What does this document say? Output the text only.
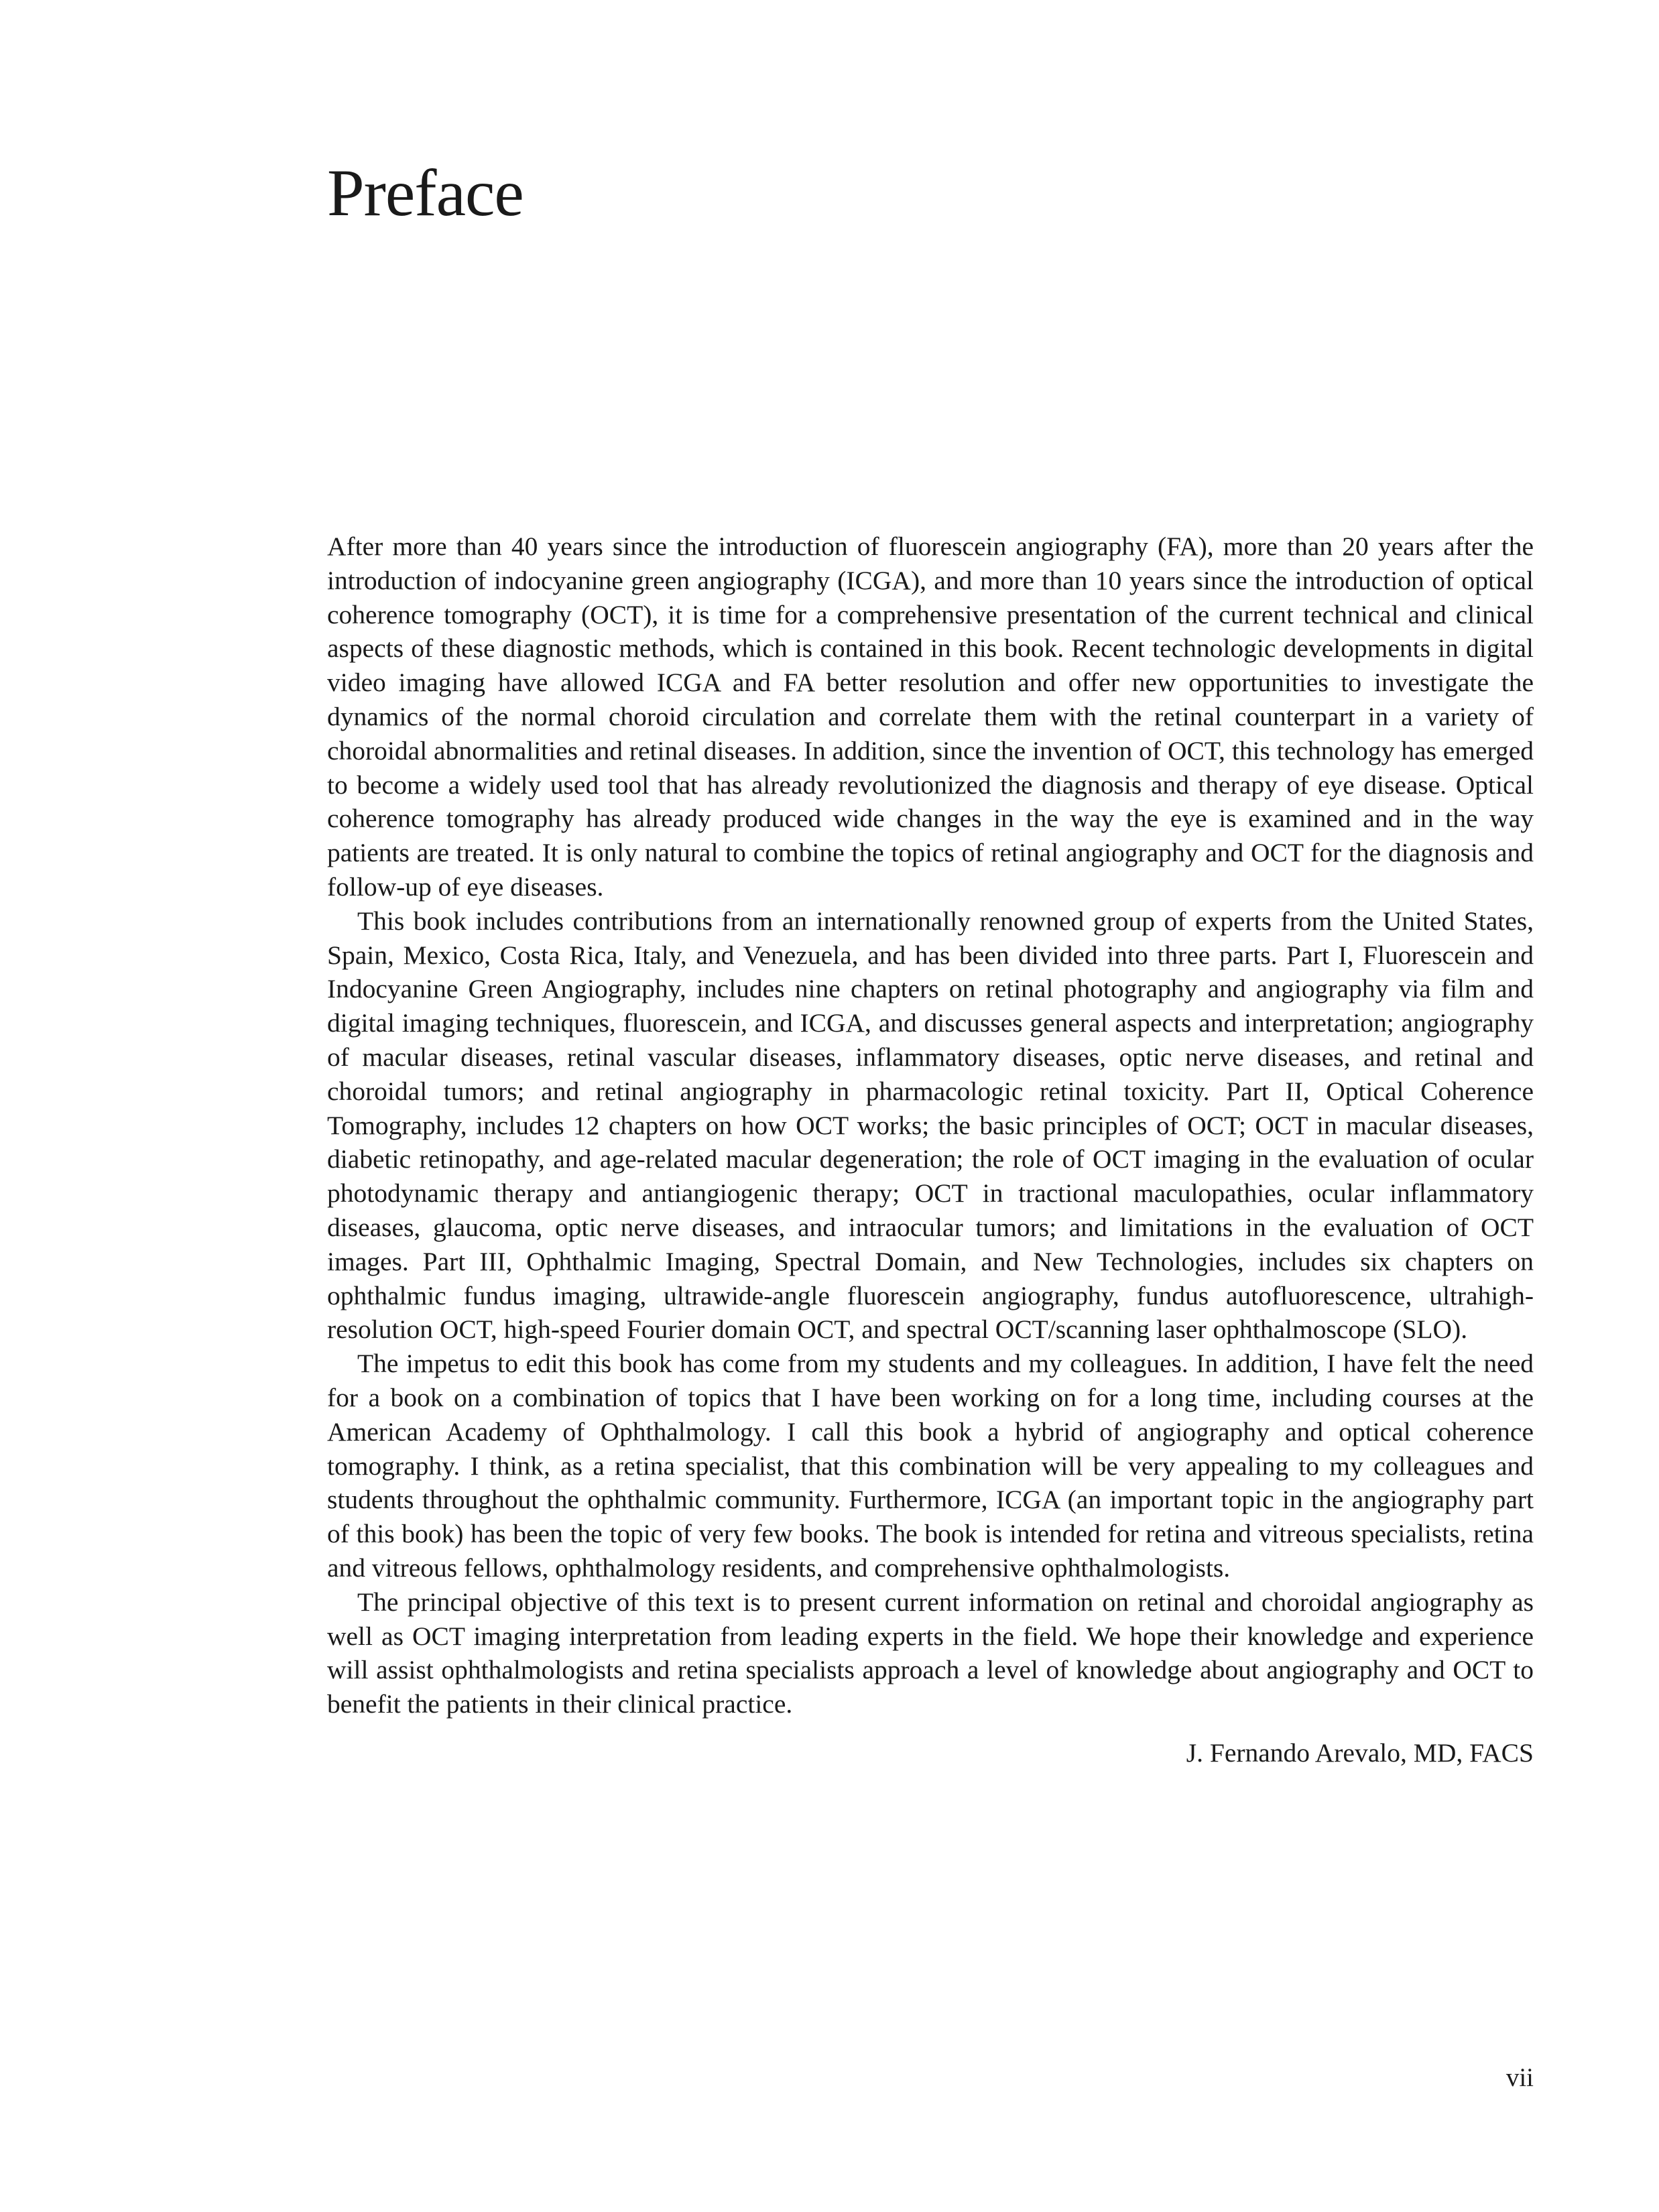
Preface

After more than 40 years since the introduction of fluorescein angiography (FA), more than 20 years after the introduction of indocyanine green angiography (ICGA), and more than 10 years since the introduction of optical coherence tomography (OCT), it is time for a comprehensive presentation of the current technical and clinical aspects of these diagnostic methods, which is contained in this book. Recent technologic developments in digital video imaging have allowed ICGA and FA better resolution and offer new opportunities to investigate the dynamics of the normal choroid circulation and correlate them with the retinal counterpart in a variety of choroidal abnormalities and retinal diseases. In addition, since the invention of OCT, this technology has emerged to become a widely used tool that has already revolutionized the diagnosis and therapy of eye disease. Optical coherence tomography has already produced wide changes in the way the eye is examined and in the way patients are treated. It is only natural to combine the topics of retinal angiography and OCT for the diagnosis and follow-up of eye diseases.

This book includes contributions from an internationally renowned group of experts from the United States, Spain, Mexico, Costa Rica, Italy, and Venezuela, and has been divided into three parts. Part I, Fluorescein and Indocyanine Green Angiography, includes nine chapters on retinal photography and angiography via film and digital imaging techniques, fluorescein, and ICGA, and discusses general aspects and interpretation; angiography of macular diseases, retinal vascular diseases, inflammatory diseases, optic nerve diseases, and retinal and choroidal tumors; and retinal angiography in pharmacologic retinal toxicity. Part II, Optical Coherence Tomography, includes 12 chapters on how OCT works; the basic principles of OCT; OCT in macular diseases, diabetic retinopathy, and age-related macular degeneration; the role of OCT imaging in the evaluation of ocular photodynamic therapy and antiangiogenic therapy; OCT in tractional maculopathies, ocular inflammatory diseases, glaucoma, optic nerve diseases, and intraocular tumors; and limitations in the evaluation of OCT images. Part III, Ophthalmic Imaging, Spectral Domain, and New Technologies, includes six chapters on ophthalmic fundus imaging, ultrawide-angle fluorescein angiography, fundus autofluorescence, ultrahigh-resolution OCT, high-speed Fourier domain OCT, and spectral OCT/scanning laser ophthalmoscope (SLO).

The impetus to edit this book has come from my students and my colleagues. In addition, I have felt the need for a book on a combination of topics that I have been working on for a long time, including courses at the American Academy of Ophthalmology. I call this book a hybrid of angiography and optical coherence tomography. I think, as a retina specialist, that this combination will be very appealing to my colleagues and students throughout the ophthalmic community. Furthermore, ICGA (an important topic in the angiography part of this book) has been the topic of very few books. The book is intended for retina and vitreous specialists, retina and vitreous fellows, ophthalmology residents, and comprehensive ophthalmologists.

The principal objective of this text is to present current information on retinal and choroidal angiography as well as OCT imaging interpretation from leading experts in the field. We hope their knowledge and experience will assist ophthalmologists and retina specialists approach a level of knowledge about angiography and OCT to benefit the patients in their clinical practice.

J. Fernando Arevalo, MD, FACS
vii
